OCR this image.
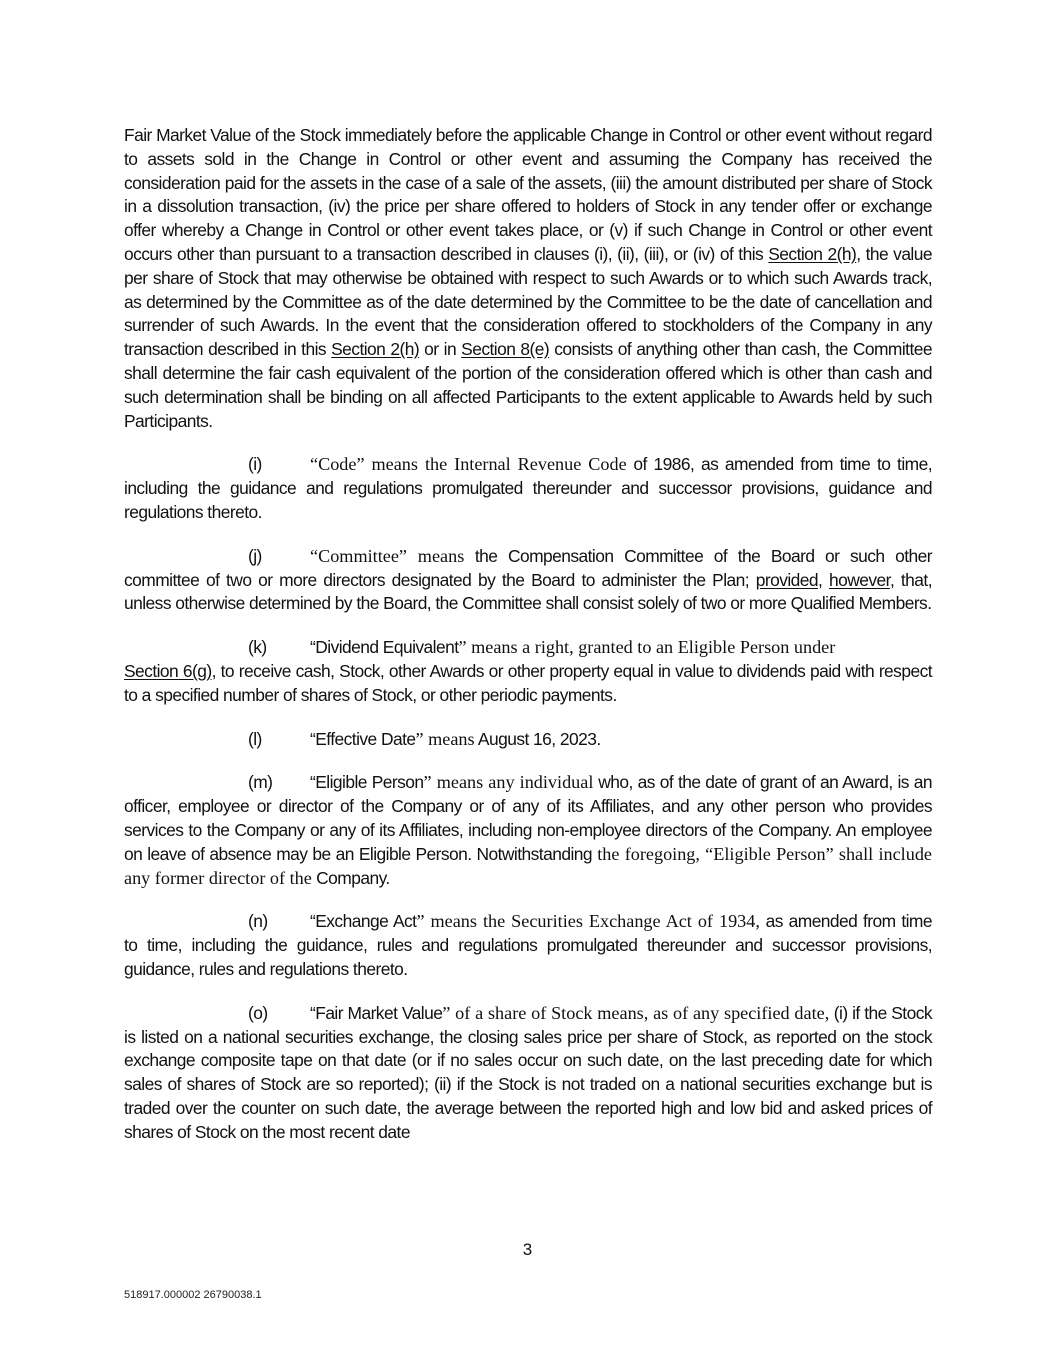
Fair Market Value of the Stock immediately before the applicable Change in Control or other event without regard to assets sold in the Change in Control or other event and assuming the Company has received the consideration paid for the assets in the case of a sale of the assets, (iii) the amount distributed per share of Stock in a dissolution transaction, (iv) the price per share offered to holders of Stock in any tender offer or exchange offer whereby a Change in Control or other event takes place, or (v) if such Change in Control or other event occurs other than pursuant to a transaction described in clauses (i), (ii), (iii), or (iv) of this Section 2(h), the value per share of Stock that may otherwise be obtained with respect to such Awards or to which such Awards track, as determined by the Committee as of the date determined by the Committee to be the date of cancellation and surrender of such Awards. In the event that the consideration offered to stockholders of the Company in any transaction described in this Section 2(h) or in Section 8(e) consists of anything other than cash, the Committee shall determine the fair cash equivalent of the portion of the consideration offered which is other than cash and such determination shall be binding on all affected Participants to the extent applicable to Awards held by such Participants.

(i)	“Code” means the Internal Revenue Code of 1986, as amended from time to time, including the guidance and regulations promulgated thereunder and successor provisions, guidance and regulations thereto.

(j)	“Committee” means the Compensation Committee of the Board or such other committee of two or more directors designated by the Board to administer the Plan; provided, however, that, unless otherwise determined by the Board, the Committee shall consist solely of two or more Qualified Members.

(k) “Dividend Equivalent” means a right, granted to an Eligible Person under
Section 6(g), to receive cash, Stock, other Awards or other property equal in value to dividends paid with respect to a specified number of shares of Stock, or other periodic payments.

(l)	“Effective Date” means August 16, 2023.

(m) “Eligible Person” means any individual who, as of the date of grant of an Award, is an officer, employee or director of the Company or of any of its Affiliates, and any other person who provides services to the Company or any of its Affiliates, including non-employee directors of the Company. An employee on leave of absence may be an Eligible Person. Notwithstanding the foregoing, “Eligible Person” shall include any former director of the Company.

(n) “Exchange Act” means the Securities Exchange Act of 1934, as amended from time to time, including the guidance, rules and regulations promulgated thereunder and successor provisions, guidance, rules and regulations thereto.

(o) “Fair Market Value” of a share of Stock means, as of any specified date, (i) if the Stock is listed on a national securities exchange, the closing sales price per share of Stock, as reported on the stock exchange composite tape on that date (or if no sales occur on such date, on the last preceding date for which sales of shares of Stock are so reported); (ii) if the Stock is not traded on a national securities exchange but is traded over the counter on such date, the average between the reported high and low bid and asked prices of shares of Stock on the most recent date

3
518917.000002 26790038.1
